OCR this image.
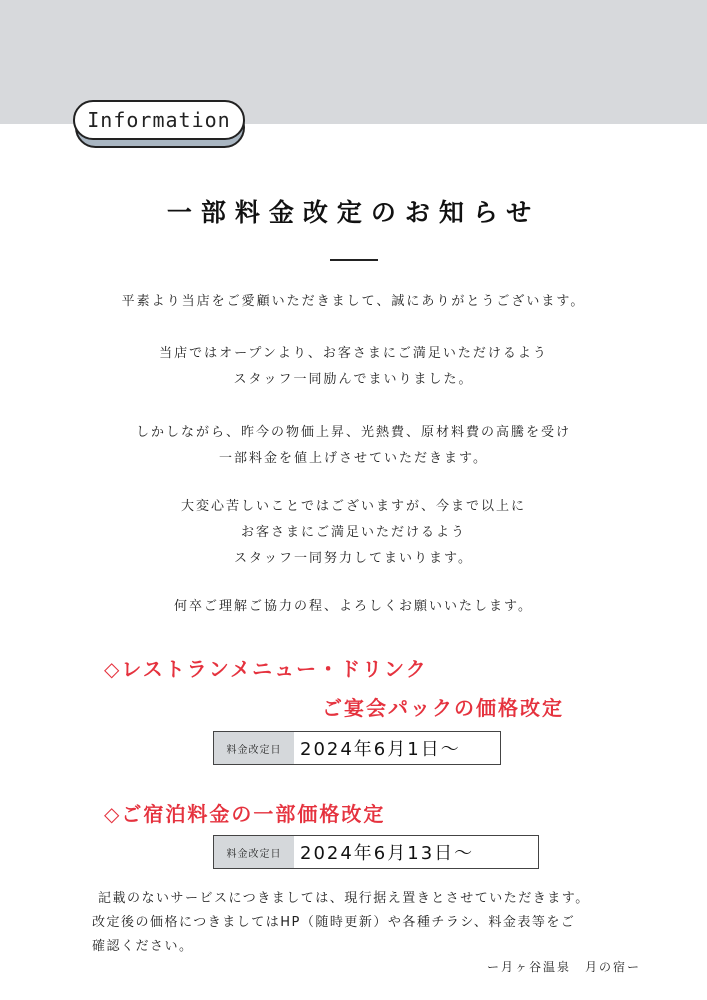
Information
一部料金改定のお知らせ
平素より当店をご愛顧いただきまして、誠にありがとうございます。
当店ではオープンより、お客さまにご満足いただけるよう
スタッフ一同励んでまいりました。
しかしながら、昨今の物価上昇、光熱費、原材料費の高騰を受け
一部料金を値上げさせていただきます。
大変心苦しいことではございますが、今まで以上に
お客さまにご満足いただけるよう
スタッフ一同努力してまいります。
何卒ご理解ご協力の程、よろしくお願いいたします。
◇レストランメニュー・ドリンク
ご宴会パックの価格改定
料金改定日	2024年6月1日〜
◇ご宿泊料金の一部価格改定
料金改定日	2024年6月13日〜
記載のないサービスにつきましては、現行据え置きとさせていただきます。
改定後の価格につきましてはHP（随時更新）や各種チラシ、料金表等をご
確認ください。
ー月ヶ谷温泉　月の宿ー
